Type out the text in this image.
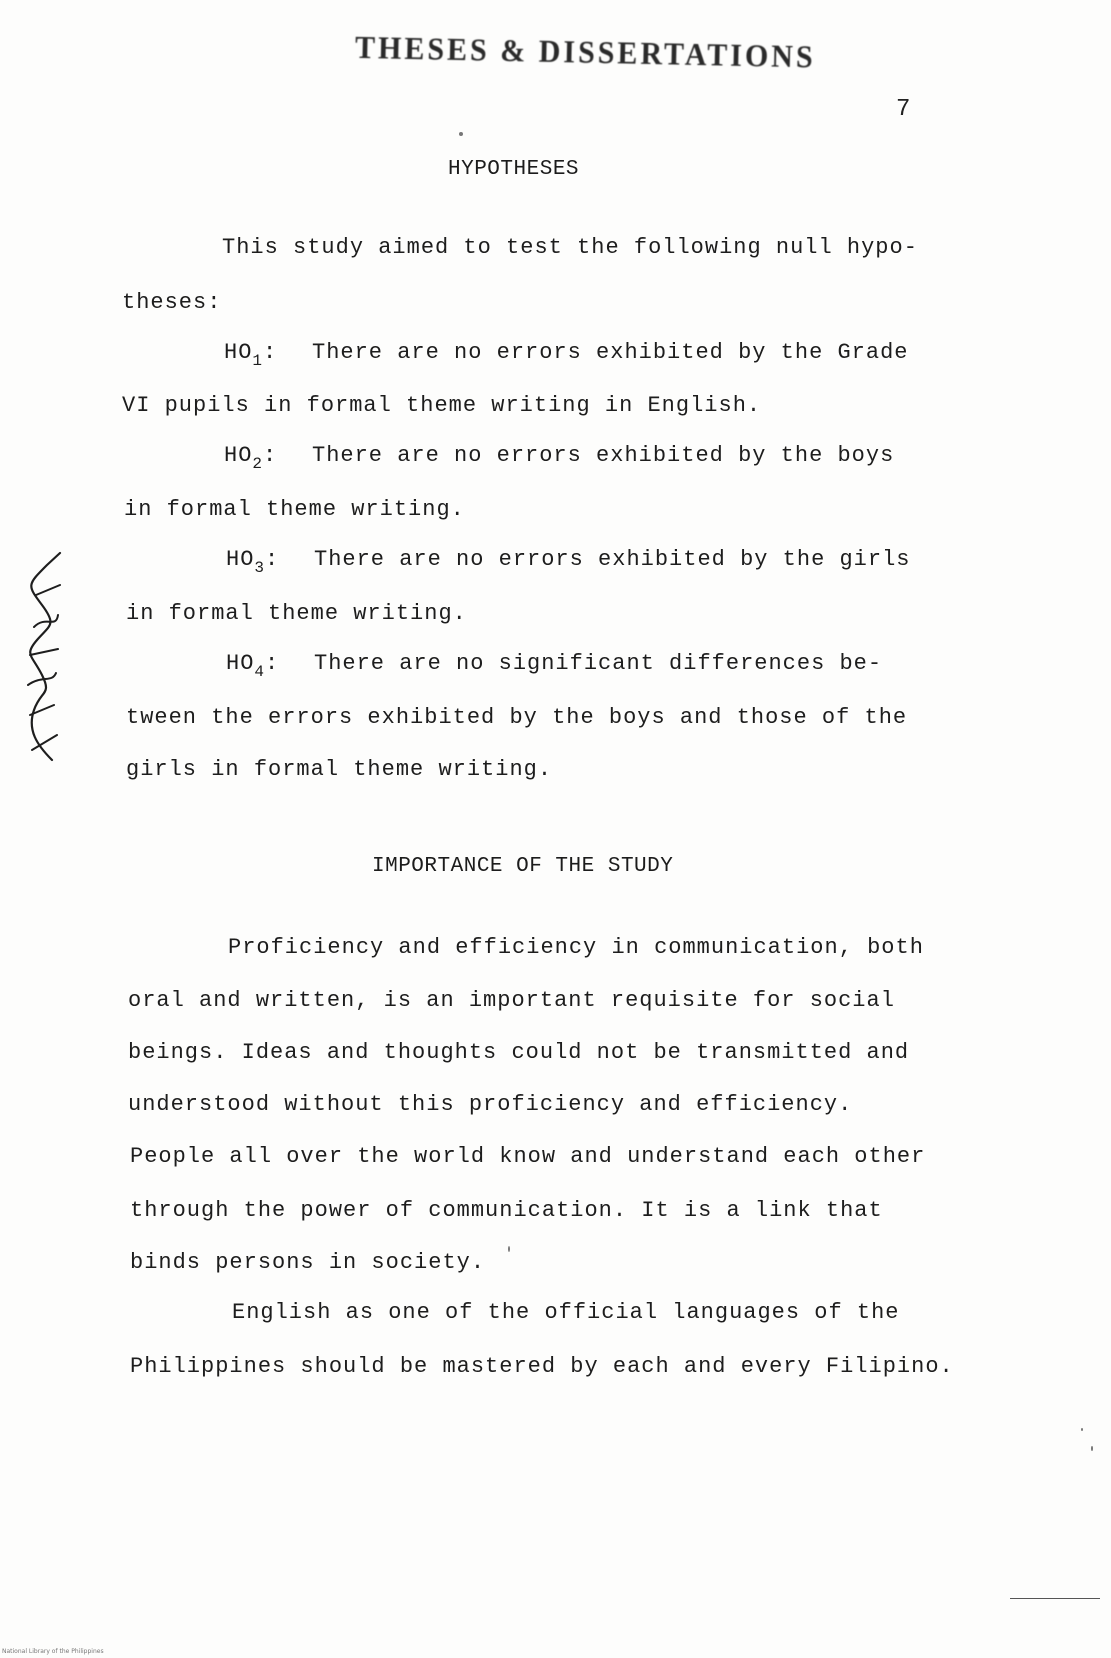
THESES & DISSERTATIONS
7
HYPOTHESES
This study aimed to test the following null hypo-
theses:
$HO_1$: There are no errors exhibited by the Grade
VI pupils in formal theme writing in English.
$HO_2$: There are no errors exhibited by the boys
in formal theme writing.
$HO_3$: There are no errors exhibited by the girls
in formal theme writing.
$HO_4$: There are no significant differences be-
tween the errors exhibited by the boys and those of the
girls in formal theme writing.
IMPORTANCE OF THE STUDY
Proficiency and efficiency in communication, both
oral and written, is an important requisite for social
beings. Ideas and thoughts could not be transmitted and
understood without this proficiency and efficiency.
People all over the world know and understand each other
through the power of communication. It is a link that
binds persons in society.
English as one of the official languages of the
Philippines should be mastered by each and every Filipino.
National Library of the Philippines
